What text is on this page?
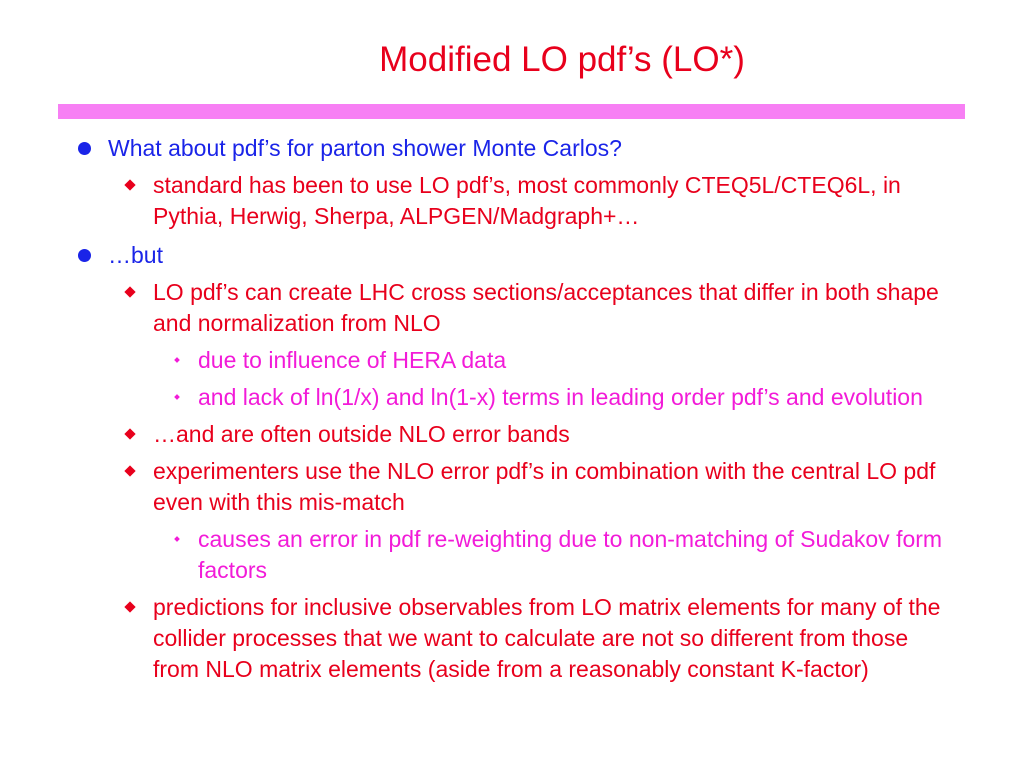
Modified LO pdf’s (LO*)
What about pdf’s for parton shower Monte Carlos?
standard has been to use LO pdf’s, most commonly CTEQ5L/CTEQ6L, in Pythia, Herwig, Sherpa, ALPGEN/Madgraph+…
…but
LO pdf’s can create LHC cross sections/acceptances that differ in both shape and normalization from NLO
due to influence of HERA data
and lack of ln(1/x) and ln(1-x) terms in leading order pdf’s and evolution
…and are often outside NLO error bands
experimenters use the NLO error pdf’s in combination with the central LO pdf even with this mis-match
causes an error in pdf re-weighting due to non-matching of Sudakov form factors
predictions for inclusive observables from LO matrix elements for many of the collider processes that we want to calculate are not so different from those from NLO matrix elements (aside from a reasonably constant K-factor)
